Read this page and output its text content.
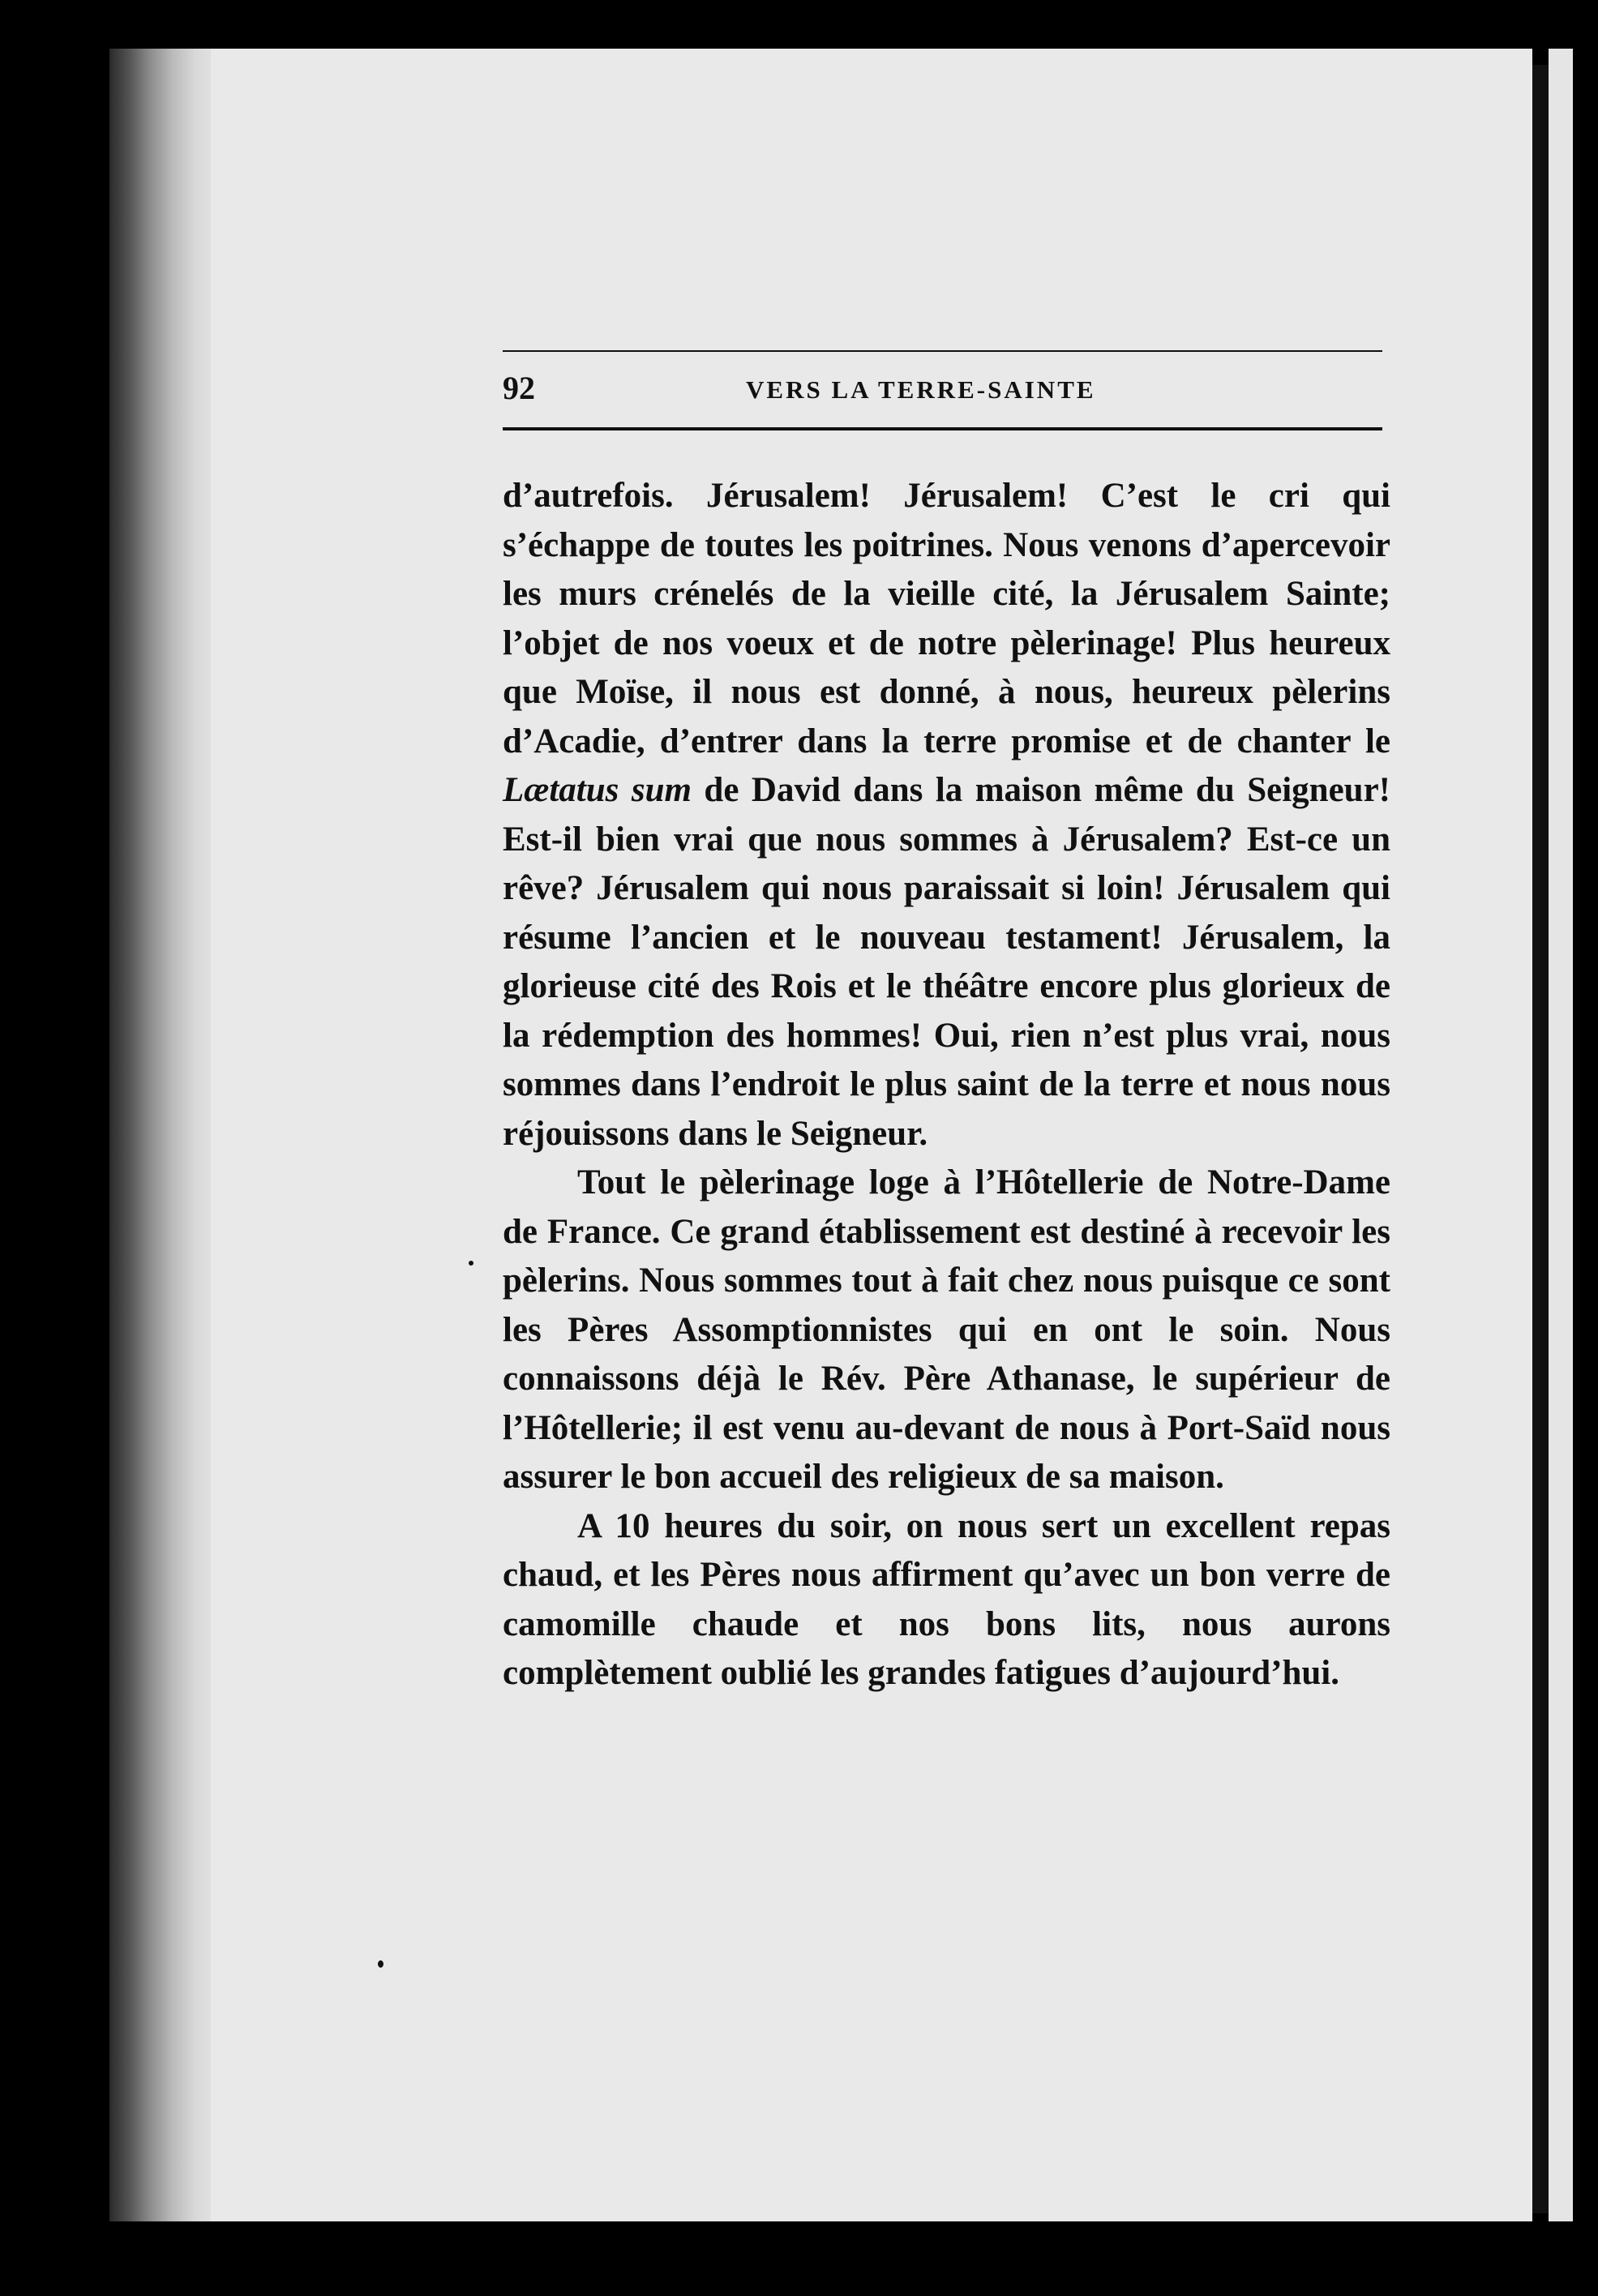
92	VERS LA TERRE-SAINTE

d’autrefois. Jérusalem! Jérusalem! C’est le cri qui s’échappe de toutes les poitrines. Nous venons d’apercevoir les murs crénelés de la vieille cité, la Jérusalem Sainte; l’objet de nos voeux et de notre pèlerinage! Plus heureux que Moïse, il nous est donné, à nous, heureux pèlerins d’Acadie, d’entrer dans la terre promise et de chanter le Lætatus sum de David dans la maison même du Seigneur! Est-il bien vrai que nous sommes à Jérusalem? Est-ce un rêve? Jérusalem qui nous paraissait si loin! Jérusalem qui résume l’ancien et le nouveau testament! Jérusalem, la glorieuse cité des Rois et le théâtre encore plus glorieux de la rédemption des hommes! Oui, rien n’est plus vrai, nous sommes dans l’endroit le plus saint de la terre et nous nous réjouissons dans le Seigneur.

Tout le pèlerinage loge à l’Hôtellerie de Notre-Dame de France. Ce grand établissement est destiné à recevoir les pèlerins. Nous sommes tout à fait chez nous puisque ce sont les Pères Assomptionnistes qui en ont le soin. Nous connaissons déjà le Rév. Père Athanase, le supérieur de l’Hôtellerie; il est venu au-devant de nous à Port-Saïd nous assurer le bon accueil des religieux de sa maison.

A 10 heures du soir, on nous sert un excellent repas chaud, et les Pères nous affirment qu’avec un bon verre de camomille chaude et nos bons lits, nous aurons complètement oublié les grandes fatigues d’aujourd’hui.
